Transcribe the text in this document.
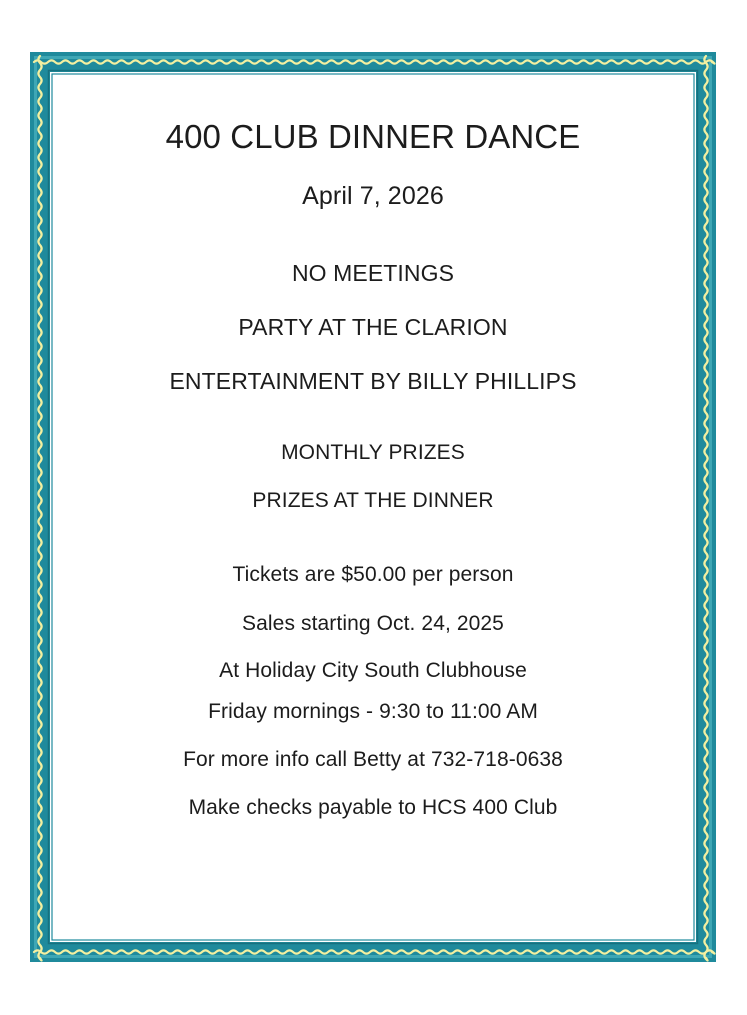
400 CLUB DINNER DANCE
April 7, 2026
NO MEETINGS
PARTY AT THE CLARION
ENTERTAINMENT BY BILLY PHILLIPS
MONTHLY PRIZES
PRIZES AT THE DINNER
Tickets are $50.00 per person
Sales starting Oct. 24, 2025
At Holiday City South Clubhouse
Friday mornings - 9:30 to 11:00 AM
For more info call Betty at 732-718-0638
Make checks payable to HCS 400 Club
